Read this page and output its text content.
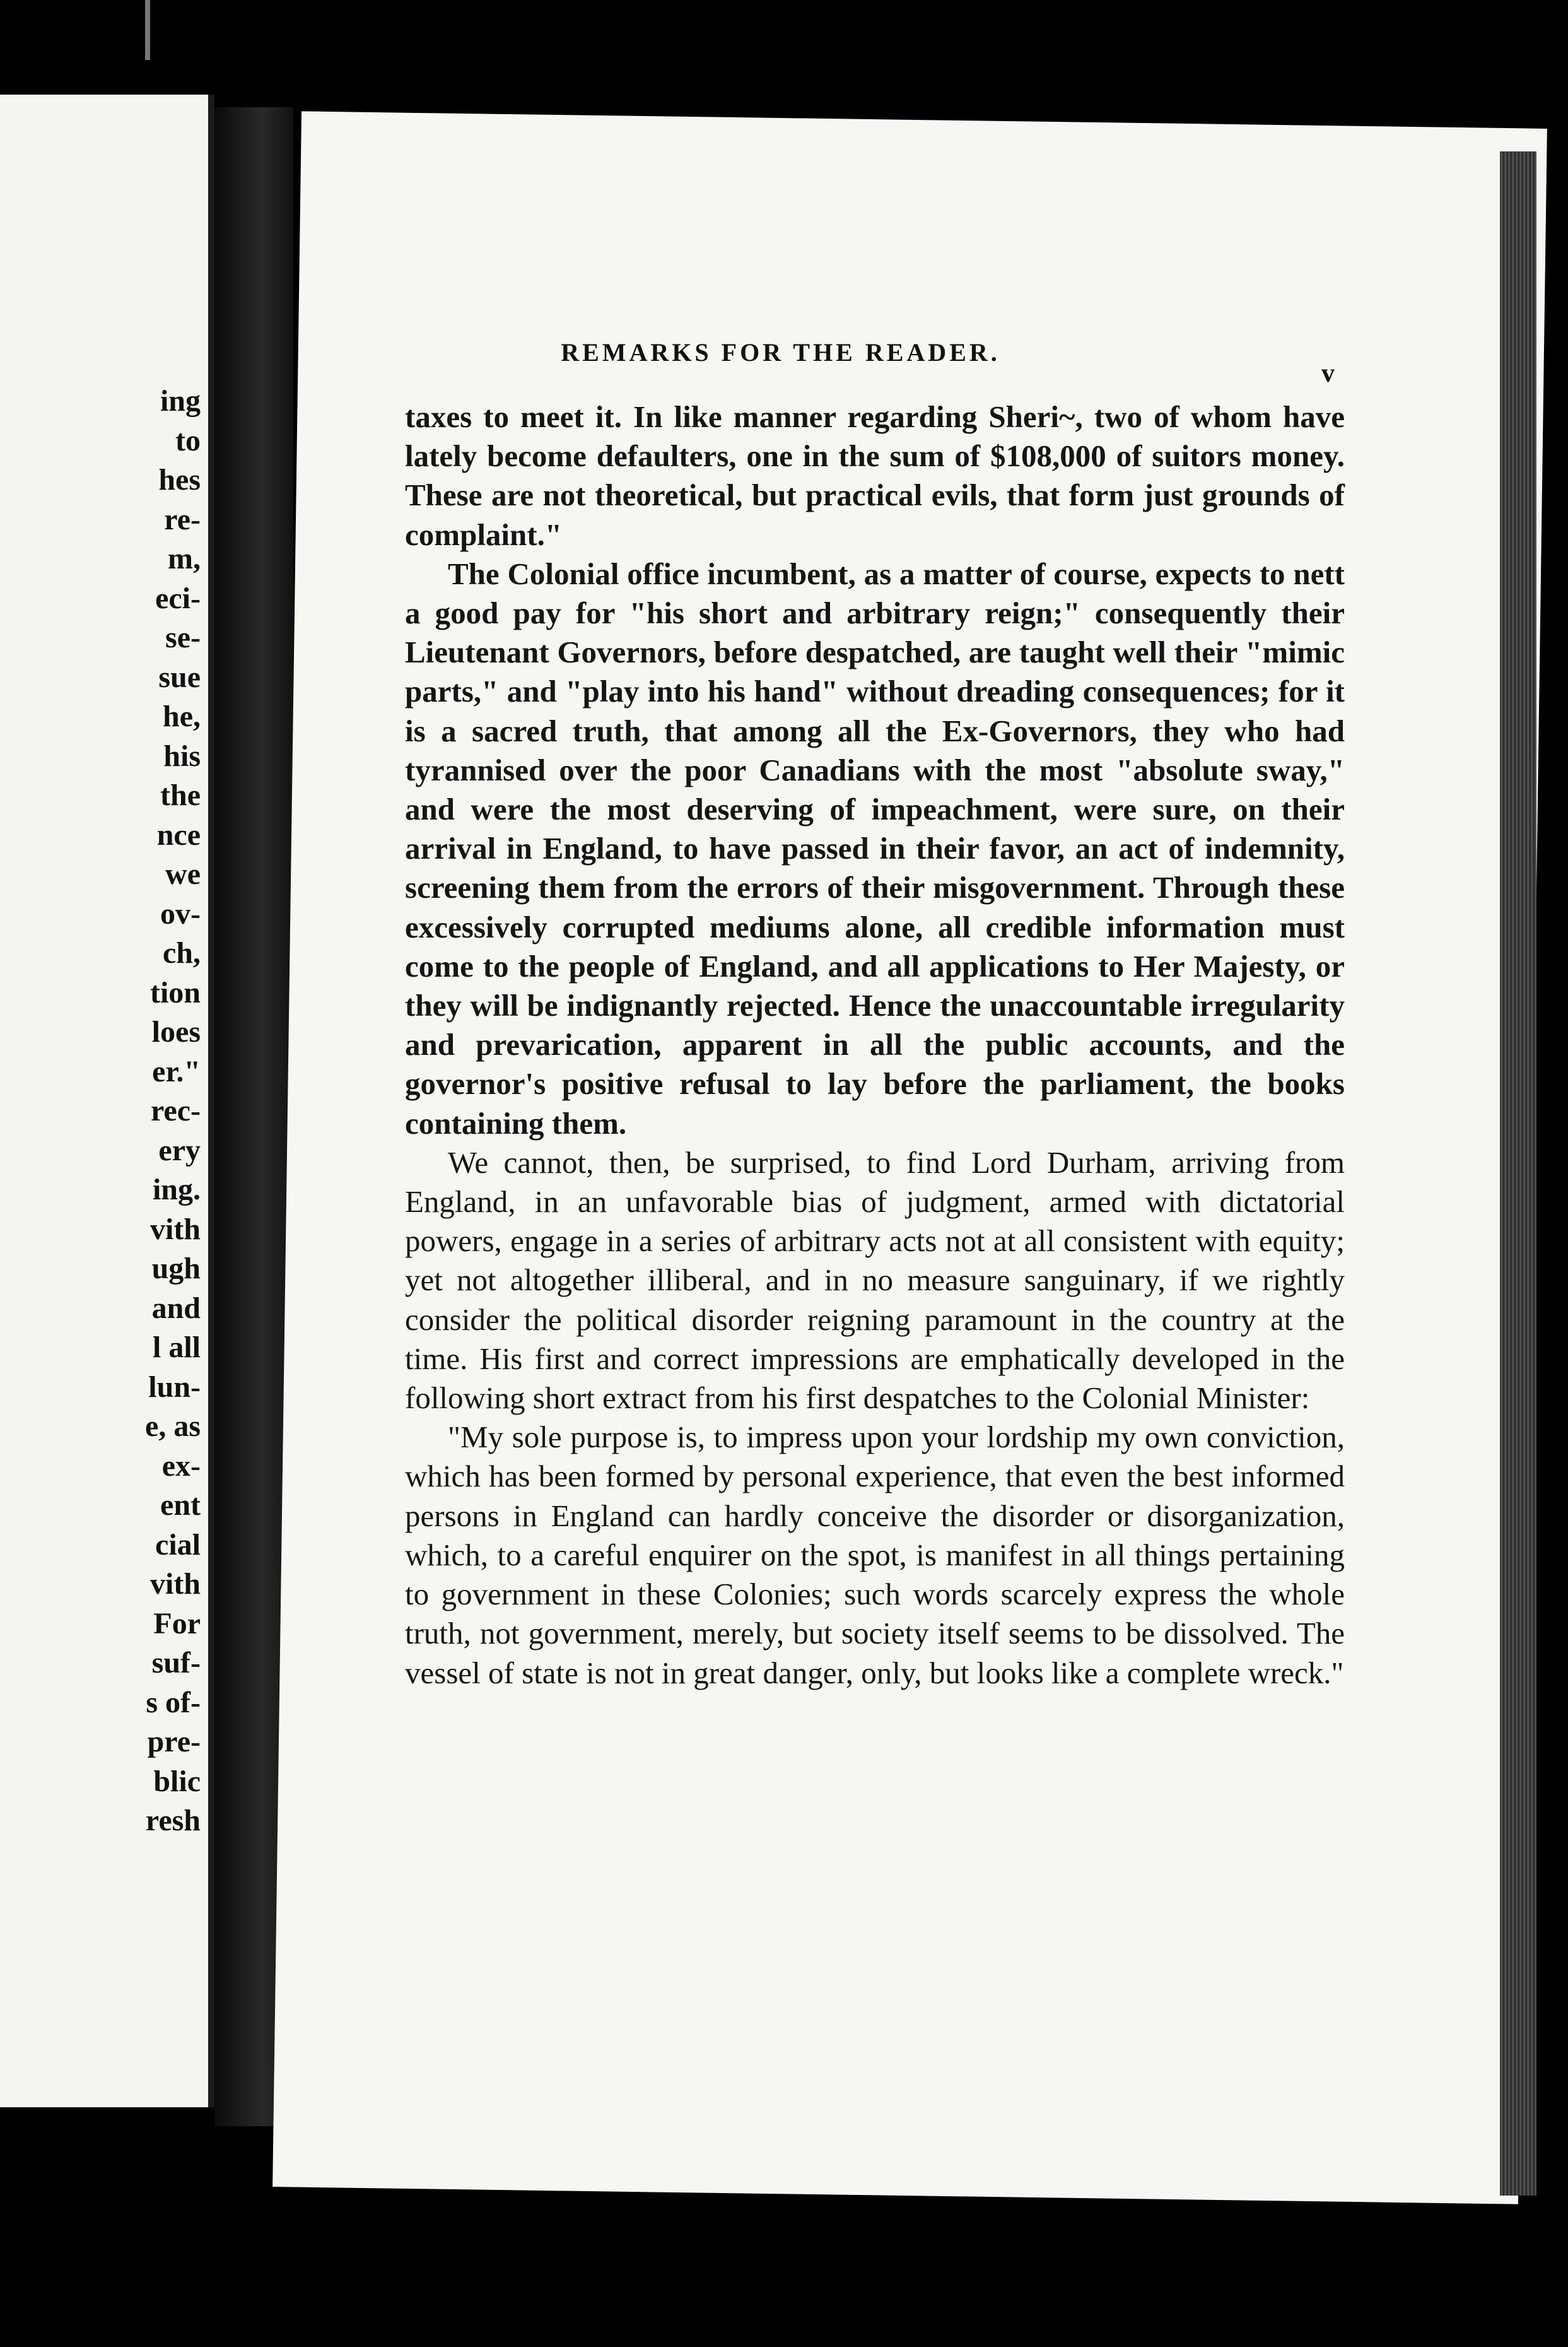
ing
to
hes
re-
m,
eci-
se-
sue
he,
his
the
nce
we
ov-
ch,
tion
loes
er."
rec-
ery
ing.
vith
ugh
and
l all
lun-
e, as
ex-
ent
cial
vith
For
suf-
s of-
pre-
blic
resh
REMARKS FOR THE READER.
v

taxes to meet it. In like manner regarding Sheri~, two of whom have lately become defaulters, one in the sum of $108,000 of suitors money. These are not theoretical, but practical evils, that form just grounds of complaint."

The Colonial office incumbent, as a matter of course, expects to nett a good pay for "his short and arbitrary reign;" consequently their Lieutenant Governors, before despatched, are taught well their "mimic parts," and "play into his hand" without dreading consequences; for it is a sacred truth, that among all the Ex-Governors, they who had tyrannised over the poor Canadians with the most "absolute sway," and were the most deserving of impeachment, were sure, on their arrival in England, to have passed in their favor, an act of indemnity, screening them from the errors of their misgovernment. Through these excessively corrupted mediums alone, all credible information must come to the people of England, and all applications to Her Majesty, or they will be indignantly rejected. Hence the unaccountable irregularity and prevarication, apparent in all the public accounts, and the governor's positive refusal to lay before the parliament, the books containing them.

We cannot, then, be surprised, to find Lord Durham, arriving from England, in an unfavorable bias of judgment, armed with dictatorial powers, engage in a series of arbitrary acts not at all consistent with equity; yet not altogether illiberal, and in no measure sanguinary, if we rightly consider the political disorder reigning paramount in the country at the time. His first and correct impressions are emphatically developed in the following short extract from his first despatches to the Colonial Minister:

"My sole purpose is, to impress upon your lordship my own conviction, which has been formed by personal experience, that even the best informed persons in England can hardly conceive the disorder or disorganization, which, to a careful enquirer on the spot, is manifest in all things pertaining to government in these Colonies; such words scarcely express the whole truth, not government, merely, but society itself seems to be dissolved. The vessel of state is not in great danger, only, but looks like a complete wreck."
